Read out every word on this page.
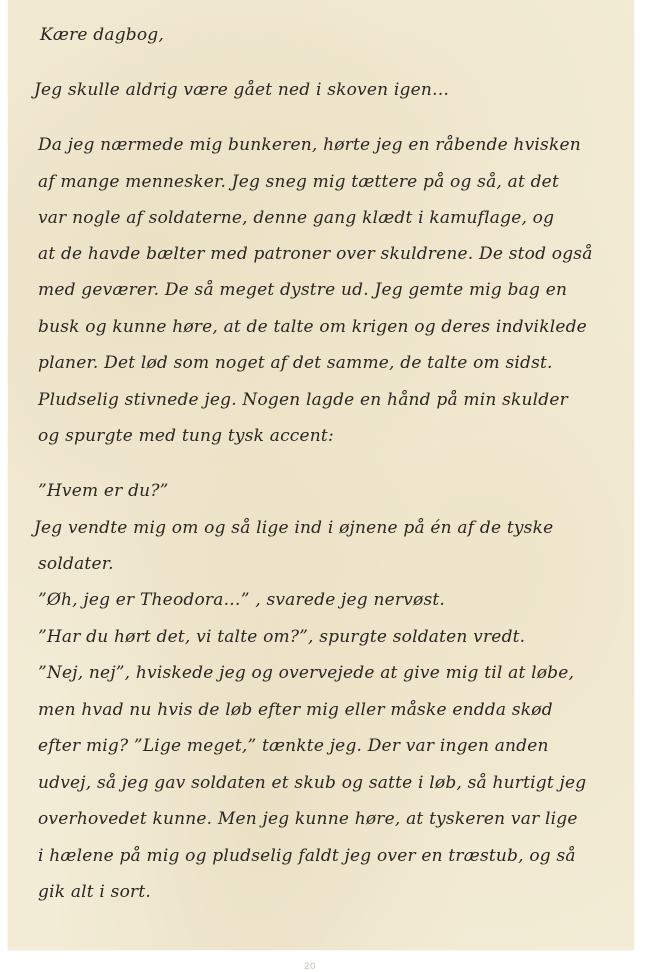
Kære dagbog,
Jeg skulle aldrig være gået ned i skoven igen…
Da jeg nærmede mig bunkeren, hørte jeg en råbende hvisken
af mange mennesker. Jeg sneg mig tættere på og så, at det
var nogle af soldaterne, denne gang klædt i kamuflage, og
at de havde bælter med patroner over skuldrene. De stod også
med geværer. De så meget dystre ud. Jeg gemte mig bag en
busk og kunne høre, at de talte om krigen og deres indviklede
planer. Det lød som noget af det samme, de talte om sidst.
Pludselig stivnede jeg. Nogen lagde en hånd på min skulder
og spurgte med tung tysk accent:
”Hvem er du?”
Jeg vendte mig om og så lige ind i øjnene på én af de tyske
soldater.
”Øh, jeg er Theodora…” , svarede jeg nervøst.
”Har du hørt det, vi talte om?”, spurgte soldaten vredt.
”Nej, nej”, hviskede jeg og overvejede at give mig til at løbe,
men hvad nu hvis de løb efter mig eller måske endda skød
efter mig? ”Lige meget,” tænkte jeg. Der var ingen anden
udvej, så jeg gav soldaten et skub og satte i løb, så hurtigt jeg
overhovedet kunne. Men jeg kunne høre, at tyskeren var lige
i hælene på mig og pludselig faldt jeg over en træstub, og så
gik alt i sort.
20
